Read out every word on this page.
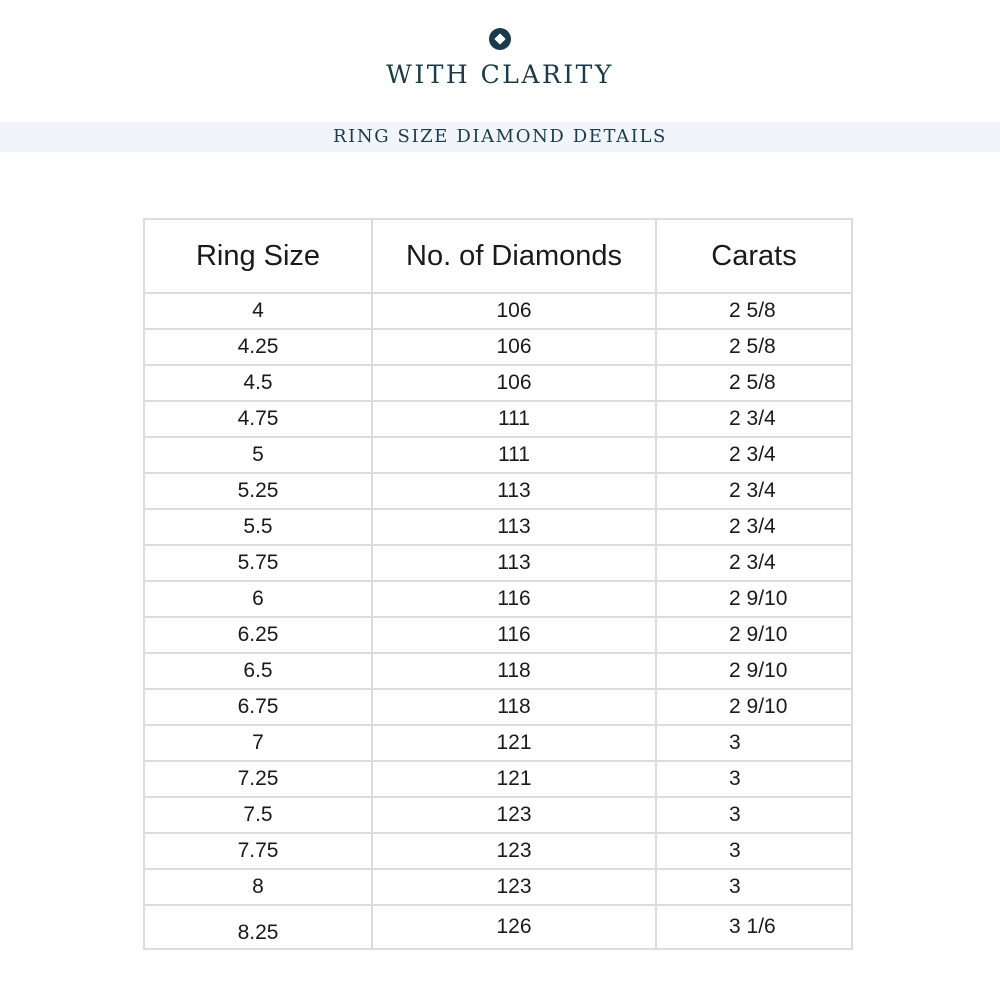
WITH CLARITY
RING SIZE DIAMOND DETAILS
Ring Size	No. of Diamonds	Carats
4	106	2 5/8
4.25	106	2 5/8
4.5	106	2 5/8
4.75	111	2 3/4
5	111	2 3/4
5.25	113	2 3/4
5.5	113	2 3/4
5.75	113	2 3/4
6	116	2 9/10
6.25	116	2 9/10
6.5	118	2 9/10
6.75	118	2 9/10
7	121	3
7.25	121	3
7.5	123	3
7.75	123	3
8	123	3
8.25	126	3 1/6
